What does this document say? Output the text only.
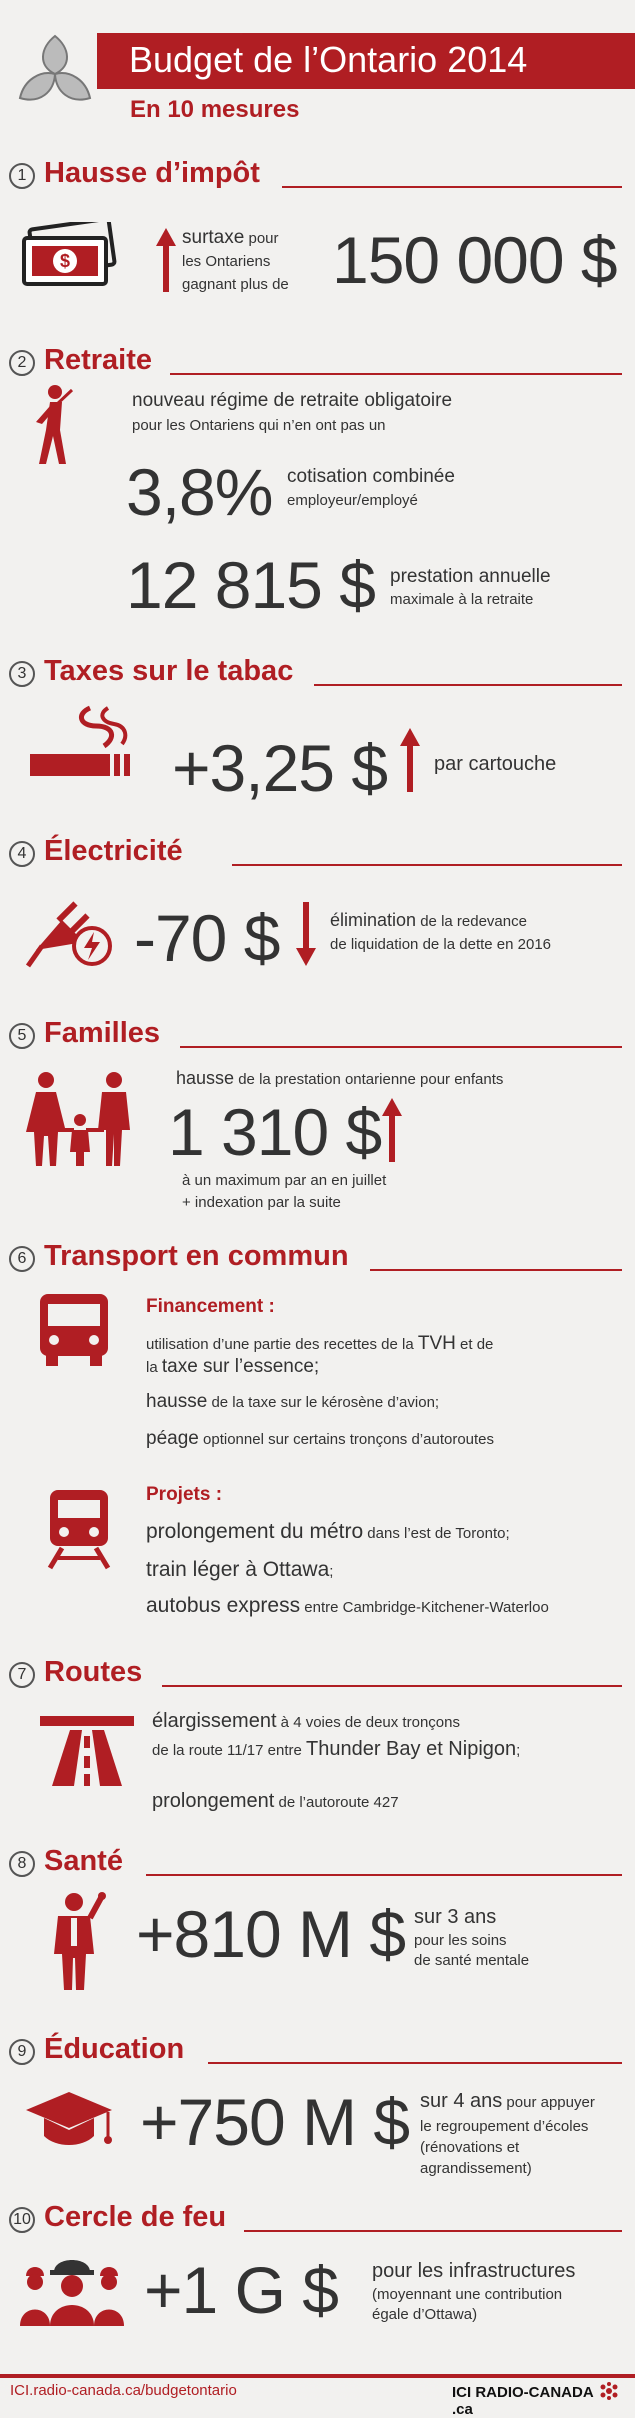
Budget de l’Ontario 2014
En 10 mesures
1 Hausse d’impôt
$
surtaxe pour
les Ontariens
gagnant plus de 150 000 $
2 Retraite
nouveau régime de retraite obligatoire
pour les Ontariens qui n’en ont pas un
3,8% cotisation combinée
employeur/employé
12 815 $ prestation annuelle
maximale à la retraite
3 Taxes sur le tabac
+3,25 $ par cartouche
4 Électricité
-70 $	élimination de la redevance
de liquidation de la dette en 2016
5 Familles
hausse de la prestation ontarienne pour enfants
1 310 $
à un maximum par an en juillet
+ indexation par la suite
6 Transport en commun
Financement :
utilisation d’une partie des recettes de la TVH et de
la taxe sur l’essence;
hausse de la taxe sur le kérosène d’avion;
péage optionnel sur certains tronçons d’autoroutes
Projets :
prolongement du métro dans l’est de Toronto;
train léger à Ottawa;
autobus express entre Cambridge-Kitchener-Waterloo
7 Routes
élargissement à 4 voies de deux tronçons
de la route 11/17 entre Thunder Bay et Nipigon;
prolongement de l’autoroute 427
8 Santé
+810 M $ sur 3 ans
pour les soins
de santé mentale
9 Éducation
+750 M $ sur 4 ans pour appuyer
le regroupement d’écoles
(rénovations et
agrandissement)
10 Cercle de feu
+1 G $ pour les infrastructures
(moyennant une contribution
égale d’Ottawa)
ICI.radio-canada.ca/budgetontario	ICI RADIO-CANADA  .ca
